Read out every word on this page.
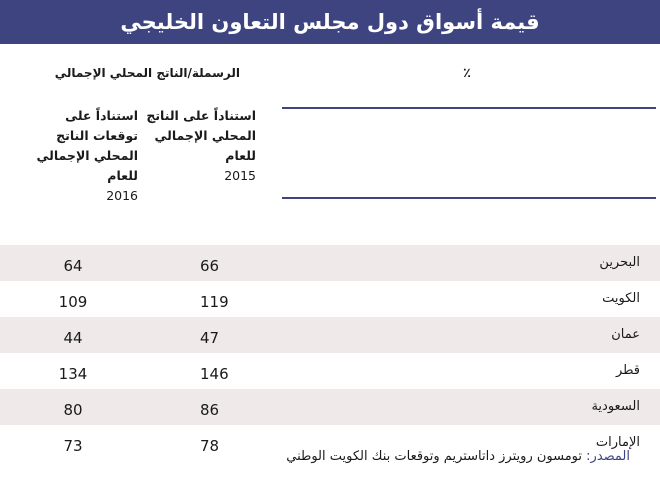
قيمة أسواق دول مجلس التعاون الخليجي
الرسملة/الناتج المحلي الإجمالي	٪
استناداً على الناتج المحلي الإجمالي للعام
2015
استناداً على توقعات الناتج المحلي الإجمالي للعام
2016
البحرين
66
64
الكويت
119
109
عمان
47
44
قطر
146
134
السعودية
86
80
الإمارات
78
73
المصدر: تومسون رويترز داتاستريم وتوقعات بنك الكويت الوطني
